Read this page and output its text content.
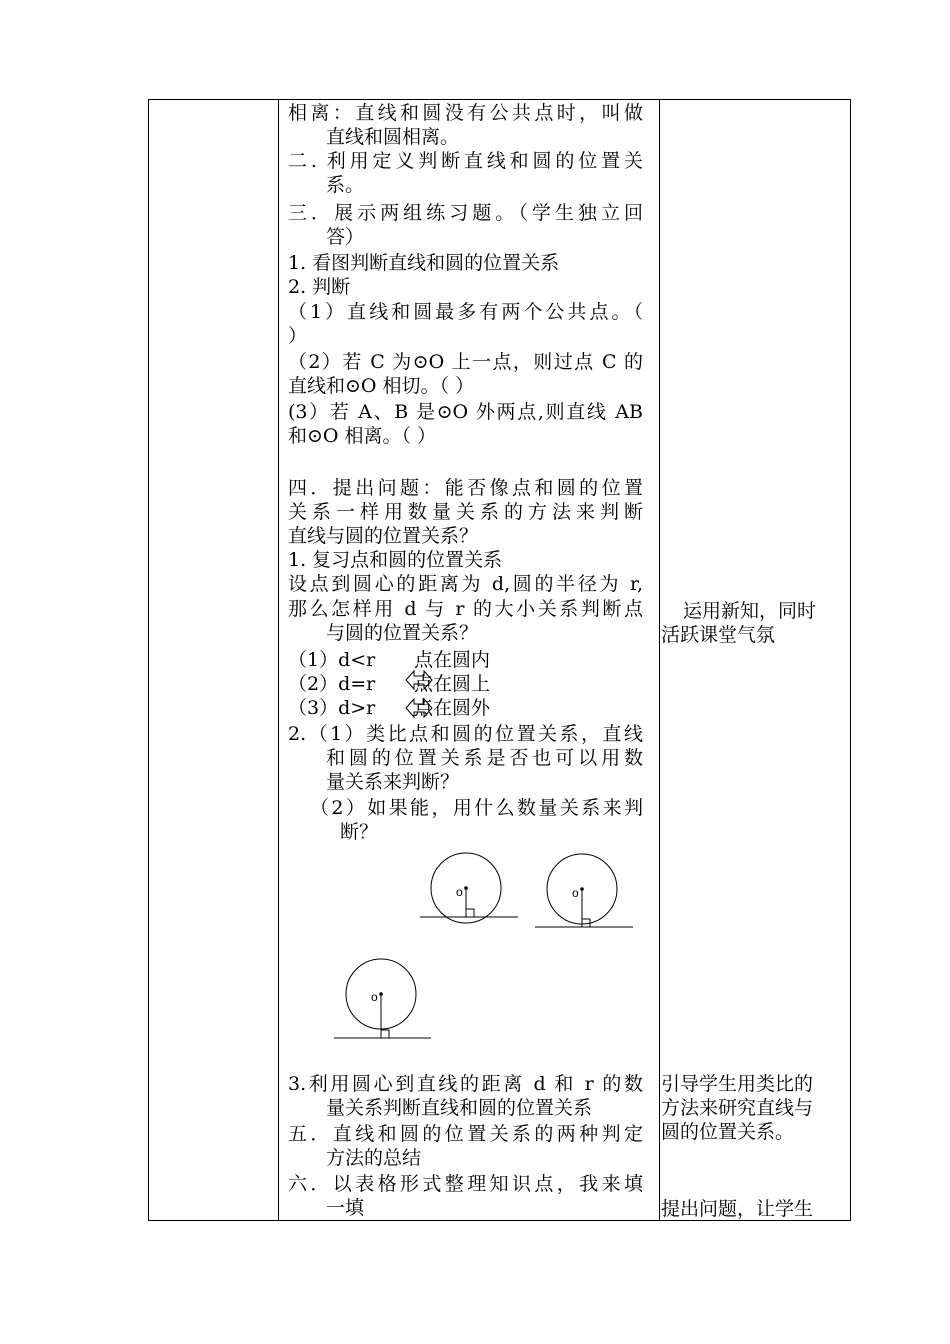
相离：直线和圆没有公共点时，叫做
直线和圆相离。
二. 利用定义判断直线和圆的位置关
系。
三．展示两组练习题。（学生独立回
答）
1. 看图判断直线和圆的位置关系
2. 判断
（1）直线和圆最多有两个公共点。（
）
（2）若 C 为⊙O 上一点，则过点 C 的
直线和⊙O 相切。（ ）
(3）若 A、B 是⊙O 外两点,则直线 AB
和⊙O 相离。（ ）
四．提出问题：能否像点和圆的位置
关系一样用数量关系的方法来判断
直线与圆的位置关系？
1. 复习点和圆的位置关系
设点到圆心的距离为 d,圆的半径为 r,
那么怎样用 d 与 r 的大小关系判断点
与圆的位置关系？
（1）d<r 点在圆内
（2）d=r 点在圆上
（3）d>r 点在圆外
2.（1）类比点和圆的位置关系，直线
和圆的位置关系是否也可以用数
量关系来判断？
（2）如果能，用什么数量关系来判
断？
o	o
o
3.利用圆心到直线的距离 d 和 r 的数
量关系判断直线和圆的位置关系
五．直线和圆的位置关系的两种判定
方法的总结
六．以表格形式整理知识点，我来填
一填
运用新知，同时
活跃课堂气氛
引导学生用类比的
方法来研究直线与
圆的位置关系。
提出问题，让学生
